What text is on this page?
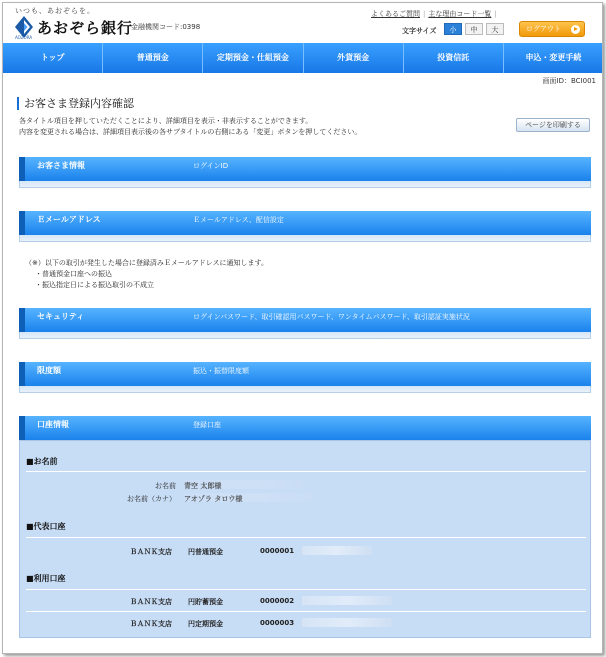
いつも、あおぞらを。
AOZORA
あおぞら銀行
金融機関コード:0398
よくあるご質問 | 主な理由コード一覧 |
文字サイズ	小	中	大	ログアウト
トップ	普通預金	定期預金・仕組預金	外貨預金	投資信託	申込・変更手続
画面ID：BCI001
お客さま登録内容確認
各タイトル項目を押していただくことにより、詳細項目を表示・非表示することができます。
内容を変更される場合は、詳細項目表示後の各サブタイトルの右側にある「変更」ボタンを押してください。
ページを印刷する
お客さま情報	ログインID
Ｅメールアドレス	Ｅメールアドレス、配信設定
（※）以下の取引が発生した場合に登録済みＥメールアドレスに通知します。
・普通預金口座への振込
・振込指定日による振込取引の不成立
セキュリティ	ログインパスワード、取引確認用パスワード、ワンタイムパスワード、取引認証実施状況
限度額	振込・振替限度額
口座情報	登録口座
■お名前
お名前 青空 太郎様
お名前（カナ） アオゾラ タロウ様
■代表口座
ＢＡＮＫ支店 円普通預金	0000001
■利用口座
ＢＡＮＫ支店 円貯蓄預金	0000002
ＢＡＮＫ支店 円定期預金	0000003
